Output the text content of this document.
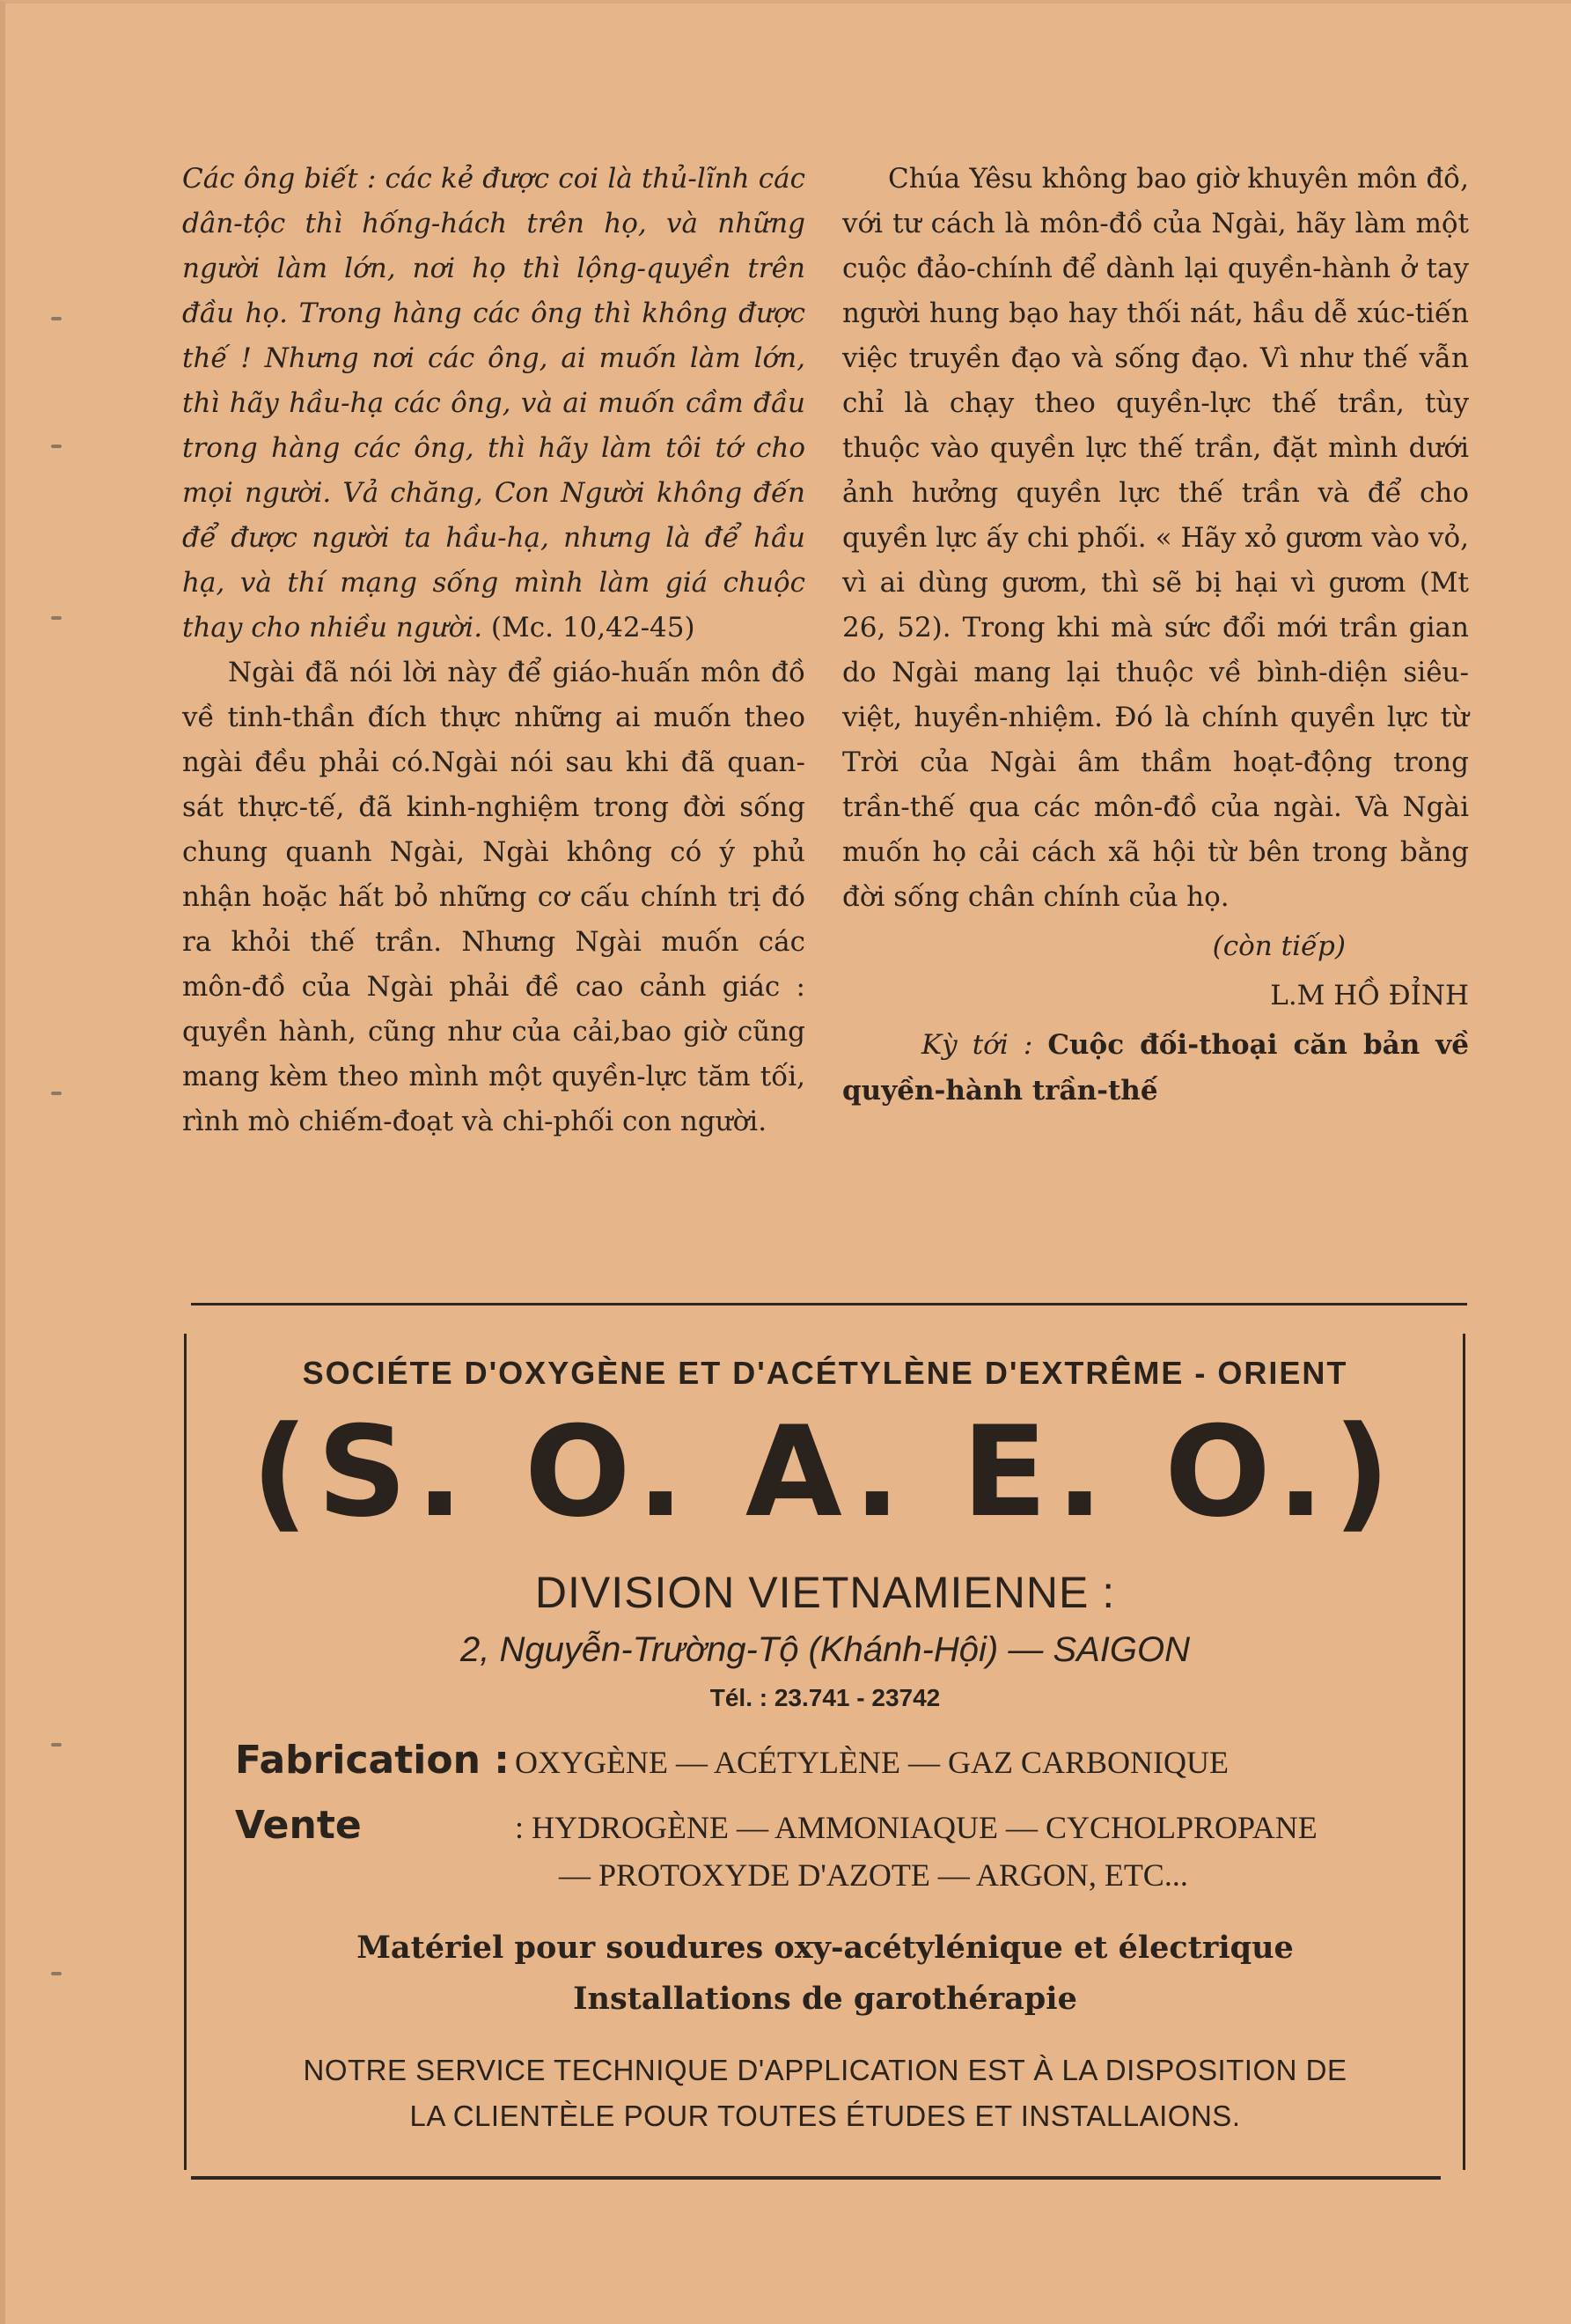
Các ông biết : các kẻ được coi là thủ-lĩnh các dân-tộc thì hống-hách trên họ, và những người làm lớn, nơi họ thì lộng-quyền trên đầu họ. Trong hàng các ông thì không được thế ! Nhưng nơi các ông, ai muốn làm lớn, thì hãy hầu-hạ các ông, và ai muốn cầm đầu trong hàng các ông, thì hãy làm tôi tớ cho mọi người. Vả chăng, Con Người không đến để được người ta hầu-hạ, nhưng là để hầu hạ, và thí mạng sống mình làm giá chuộc thay cho nhiều người. (Mc. 10,42-45)

Ngài đã nói lời này để giáo-huấn môn đồ về tinh-thần đích thực những ai muốn theo ngài đều phải có.Ngài nói sau khi đã quan-sát thực-tế, đã kinh-nghiệm trong đời sống chung quanh Ngài, Ngài không có ý phủ nhận hoặc hất bỏ những cơ cấu chính trị đó ra khỏi thế trần. Nhưng Ngài muốn các môn-đồ của Ngài phải đề cao cảnh giác : quyền hành, cũng như của cải,bao giờ cũng mang kèm theo mình một quyền-lực tăm tối, rình mò chiếm-đoạt và chi-phối con người.

Chúa Yêsu không bao giờ khuyên môn đồ, với tư cách là môn-đồ của Ngài, hãy làm một cuộc đảo-chính để dành lại quyền-hành ở tay người hung bạo hay thối nát, hầu dễ xúc-tiến việc truyền đạo và sống đạo. Vì như thế vẫn chỉ là chạy theo quyền-lực thế trần, tùy thuộc vào quyền lực thế trần, đặt mình dưới ảnh hưởng quyền lực thế trần và để cho quyền lực ấy chi phối. « Hãy xỏ gươm vào vỏ, vì ai dùng gươm, thì sẽ bị hại vì gươm (Mt 26, 52). Trong khi mà sức đổi mới trần gian do Ngài mang lại thuộc về bình-diện siêu-việt, huyền-nhiệm. Đó là chính quyền lực từ Trời của Ngài âm thầm hoạt-động trong trần-thế qua các môn-đồ của ngài. Và Ngài muốn họ cải cách xã hội từ bên trong bằng đời sống chân chính của họ.

(còn tiếp)
L.M HỒ ĐỈNH
Kỳ tới : Cuộc đối-thoại căn bản về quyền-hành trần-thế
SOCIÉTE D'OXYGÈNE ET D'ACÉTYLÈNE D'EXTRÊME - ORIENT
(S. O. A. E. O.)
DIVISION VIETNAMIENNE :
2, Nguyễn-Trường-Tộ (Khánh-Hội) — SAIGON
Tél. : 23.741 - 23742
Fabrication : OXYGÈNE — ACÉTYLÈNE — GAZ CARBONIQUE
Vente	: HYDROGÈNE — AMMONIAQUE — CYCHOLPROPANE
— PROTOXYDE D'AZOTE — ARGON, ETC...
Matériel pour soudures oxy-acétylénique et électrique
Installations de garothérapie
NOTRE SERVICE TECHNIQUE D'APPLICATION EST À LA DISPOSITION DE
LA CLIENTÈLE POUR TOUTES ÉTUDES ET INSTALLAIONS.
